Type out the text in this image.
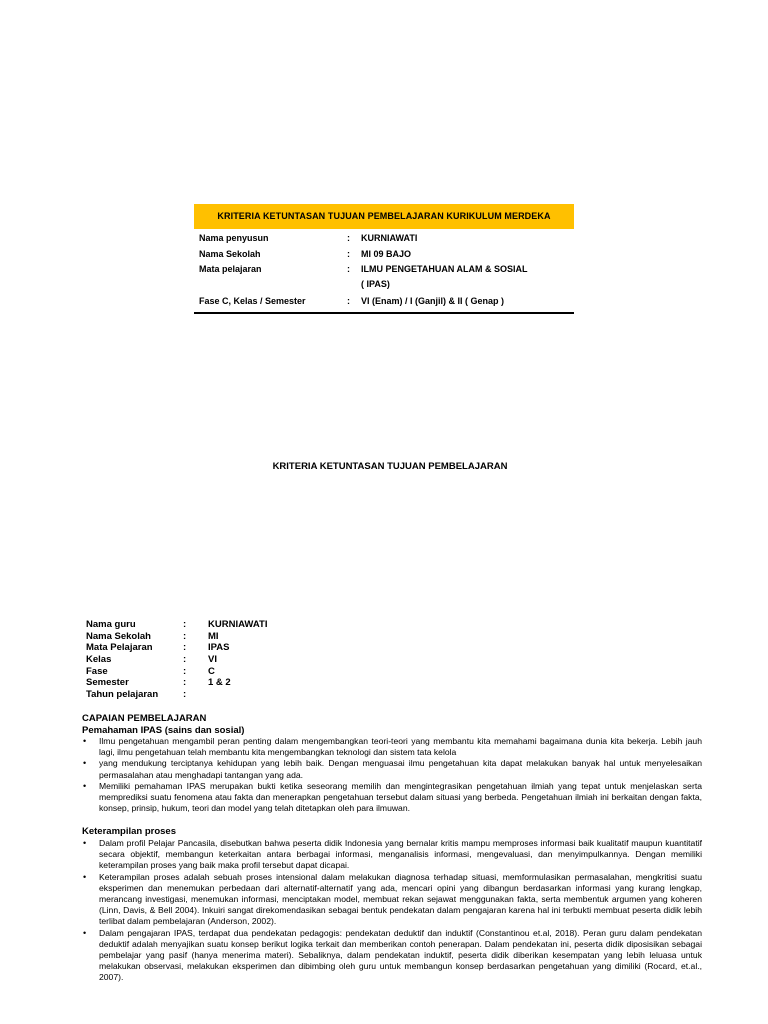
KRITERIA KETUNTASAN TUJUAN PEMBELAJARAN KURIKULUM MERDEKA
Nama penyusun	:	KURNIAWATI
Nama Sekolah	:	MI 09 BAJO
Mata pelajaran	:	ILMU PENGETAHUAN ALAM & SOSIAL
( IPAS)
Fase C, Kelas / Semester	:	VI (Enam) / I (Ganjil) & II ( Genap )
KRITERIA KETUNTASAN TUJUAN PEMBELAJARAN
Nama guru	:	KURNIAWATI
Nama Sekolah	:	MI
Mata Pelajaran	:	IPAS
Kelas	:	VI
Fase	:	C
Semester	:	1 & 2
Tahun pelajaran	:
CAPAIAN PEMBELAJARAN
Pemahaman IPAS (sains dan sosial)
• Ilmu pengetahuan mengambil peran penting dalam mengembangkan teori-teori yang membantu kita memahami bagaimana dunia kita bekerja. Lebih jauh lagi, ilmu pengetahuan telah membantu kita mengembangkan teknologi dan sistem tata kelola
• yang mendukung terciptanya kehidupan yang lebih baik. Dengan menguasai ilmu pengetahuan kita dapat melakukan banyak hal untuk menyelesaikan permasalahan atau menghadapi tantangan yang ada.
• Memiliki pemahaman IPAS merupakan bukti ketika seseorang memilih dan mengintegrasikan pengetahuan ilmiah yang tepat untuk menjelaskan serta memprediksi suatu fenomena atau fakta dan menerapkan pengetahuan tersebut dalam situasi yang berbeda. Pengetahuan ilmiah ini berkaitan dengan fakta, konsep, prinsip, hukum, teori dan model yang telah ditetapkan oleh para ilmuwan.
Keterampilan proses
• Dalam profil Pelajar Pancasila, disebutkan bahwa peserta didik Indonesia yang bernalar kritis mampu memproses informasi baik kualitatif maupun kuantitatif secara objektif, membangun keterkaitan antara berbagai informasi, menganalisis informasi, mengevaluasi, dan menyimpulkannya. Dengan memiliki keterampilan proses yang baik maka profil tersebut dapat dicapai.
• Keterampilan proses adalah sebuah proses intensional dalam melakukan diagnosa terhadap situasi, memformulasikan permasalahan, mengkritisi suatu eksperimen dan menemukan perbedaan dari alternatif-alternatif yang ada, mencari opini yang dibangun berdasarkan informasi yang kurang lengkap, merancang investigasi, menemukan informasi, menciptakan model, membuat rekan sejawat menggunakan fakta, serta membentuk argumen yang koheren (Linn, Davis, & Bell 2004). Inkuiri sangat direkomendasikan sebagai bentuk pendekatan dalam pengajaran karena hal ini terbukti membuat peserta didik lebih terlibat dalam pembelajaran (Anderson, 2002).
• Dalam pengajaran IPAS, terdapat dua pendekatan pedagogis: pendekatan deduktif dan induktif (Constantinou et.al, 2018). Peran guru dalam pendekatan deduktif adalah menyajikan suatu konsep berikut logika terkait dan memberikan contoh penerapan. Dalam pendekatan ini, peserta didik diposisikan sebagai pembelajar yang pasif (hanya menerima materi). Sebaliknya, dalam pendekatan induktif, peserta didik diberikan kesempatan yang lebih leluasa untuk melakukan observasi, melakukan eksperimen dan dibimbing oleh guru untuk membangun konsep berdasarkan pengetahuan yang dimiliki (Rocard, et.al., 2007).
